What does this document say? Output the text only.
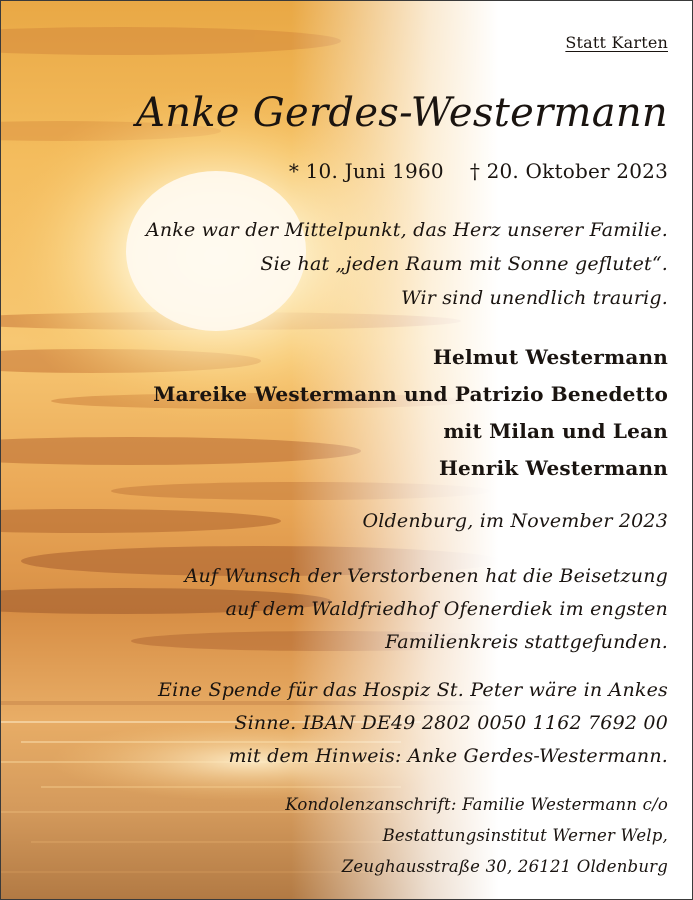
Statt Karten

Anke Gerdes-Westermann

* 10. Juni 1960 † 20. Oktober 2023

Anke war der Mittelpunkt, das Herz unserer Familie.

Sie hat „jeden Raum mit Sonne geflutet“.

Wir sind unendlich traurig.

Helmut Westermann

Mareike Westermann und Patrizio Benedetto

mit Milan und Lean

Henrik Westermann

Oldenburg, im November 2023

Auf Wunsch der Verstorbenen hat die Beisetzung

auf dem Waldfriedhof Ofenerdiek im engsten

Familienkreis stattgefunden.

Eine Spende für das Hospiz St. Peter wäre in Ankes

Sinne. IBAN DE49 2802 0050 1162 7692 00

mit dem Hinweis: Anke Gerdes-Westermann.

Kondolenzanschrift: Familie Westermann c/o

Bestattungsinstitut Werner Welp,

Zeughausstraße 30, 26121 Oldenburg
